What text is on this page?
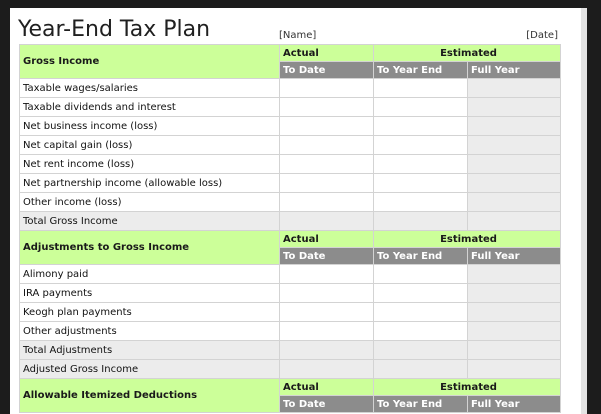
Year-End Tax Plan	[Name]	[Date]
Gross Income	Actual	Estimated	
	To Date	To Year End	Full Year
Taxable wages/salaries			
Taxable dividends and interest			
Net business income (loss)			
Net capital gain (loss)			
Net rent income (loss)			
Net partnership income (allowable loss)			
Other income (loss)			
Total Gross Income			
Adjustments to Gross Income	Actual	Estimated	
	To Date	To Year End	Full Year
Alimony paid			
IRA payments			
Keogh plan payments			
Other adjustments			
Total Adjustments			
Adjusted Gross Income			
Allowable Itemized Deductions	Actual	Estimated	
	To Date	To Year End	Full Year
